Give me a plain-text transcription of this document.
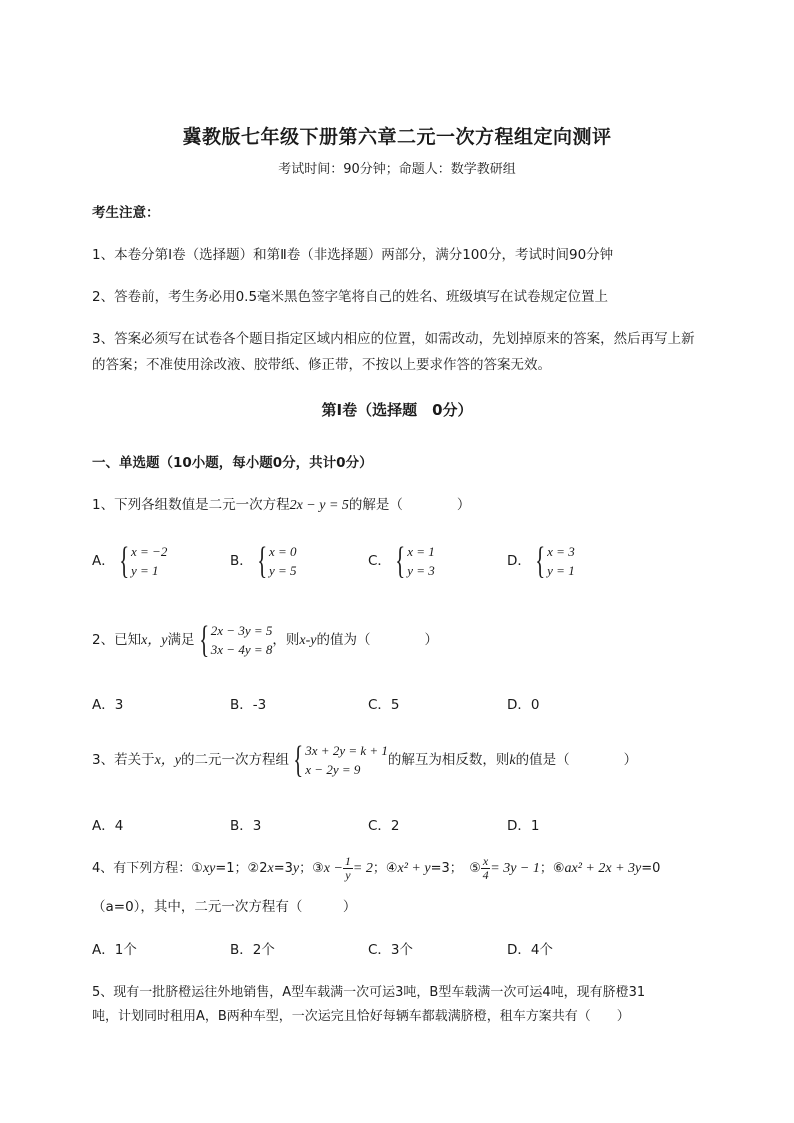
冀教版七年级下册第六章二元一次方程组定向测评
考试时间：90分钟；命题人：数学教研组
考生注意：
1、本卷分第Ⅰ卷（选择题）和第Ⅱ卷（非选择题）两部分，满分100分，考试时间90分钟
2、答卷前，考生务必用0.5毫米黑色签字笔将自己的姓名、班级填写在试卷规定位置上
3、答案必须写在试卷各个题目指定区域内相应的位置，如需改动，先划掉原来的答案，然后再写上新
的答案；不准使用涂改液、胶带纸、修正带，不按以上要求作答的答案无效。
第Ⅰ卷（选择题　0分）
一、单选题（10小题，每小题0分，共计0分）
1、下列各组数值是二元一次方程2x − y = 5的解是（　　　　）
A． { x = −2
y = 1
B． { x = 0
y = 5
C． { x = 1
y = 3
D． { x = 3
y = 1
2、已知x，y满足 { 2x − 3y = 5
3x − 4y = 8
，则x-y的值为（　　　　）
A．3	B．-3	C．5	D．0
3、若关于x，y的二元一次方程组 { 3x + 2y = k + 1
x − 2y = 9
的解互为相反数，则k的值是（　　　　）
A．4	B．3	C．2	D．1
4、有下列方程：①xy=1；②2x=3y；③x − $\frac{1}{y} = 2$；④x² + y=3；　⑤ $\frac{x}{4} = 3y - 1$；⑥ax² + 2x + 3y=0
（a=0），其中，二元一次方程有（　　　）
A．1个	B．2个	C．3个	D．4个
5、现有一批脐橙运往外地销售，A型车载满一次可运3吨，B型车载满一次可运4吨，现有脐橙31
吨，计划同时租用A，B两种车型，一次运完且恰好每辆车都载满脐橙，租车方案共有（　　）
